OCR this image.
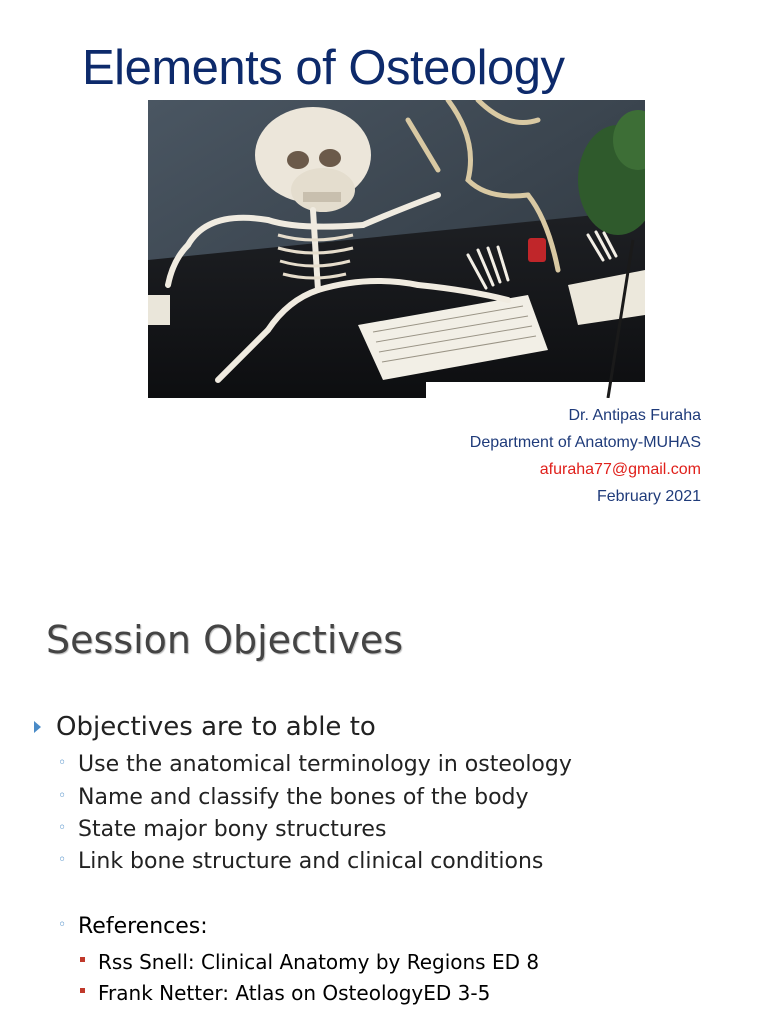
Elements of Osteology
Dr. Antipas Furaha
Department of Anatomy-MUHAS
afuraha77@gmail.com
February 2021
Session Objectives
Objectives are to able to
◦ Use the anatomical terminology in osteology
◦ Name and classify the bones of the body
◦ State major bony structures
◦ Link bone structure and clinical conditions
◦ References:
Rss Snell: Clinical Anatomy by Regions ED 8
Frank Netter: Atlas on OsteologyED 3-5
